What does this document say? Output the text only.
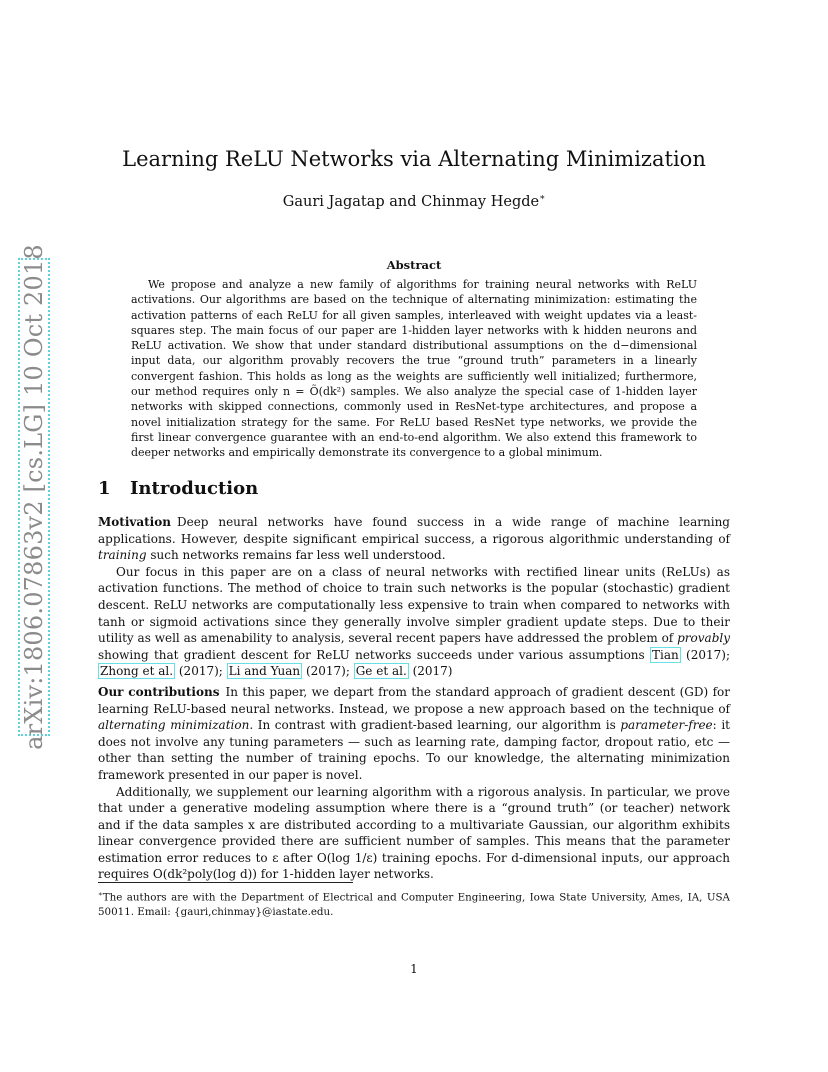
arXiv:1806.07863v2 [cs.LG] 10 Oct 2018
Learning ReLU Networks via Alternating Minimization
Gauri Jagatap and Chinmay Hegde∗
Abstract

We propose and analyze a new family of algorithms for training neural networks with ReLU activations. Our algorithms are based on the technique of alternating minimization: estimating the activation patterns of each ReLU for all given samples, interleaved with weight updates via a least-squares step. The main focus of our paper are 1-hidden layer networks with k hidden neurons and ReLU activation. We show that under standard distributional assumptions on the d−dimensional input data, our algorithm provably recovers the true “ground truth” parameters in a linearly convergent fashion. This holds as long as the weights are sufficiently well initialized; furthermore, our method requires only n = Õ(dk²) samples. We also analyze the special case of 1-hidden layer networks with skipped connections, commonly used in ResNet-type architectures, and propose a novel initialization strategy for the same. For ReLU based ResNet type networks, we provide the first linear convergence guarantee with an end-to-end algorithm. We also extend this framework to deeper networks and empirically demonstrate its convergence to a global minimum.

1 Introduction

Motivation Deep neural networks have found success in a wide range of machine learning applications. However, despite significant empirical success, a rigorous algorithmic understanding of training such networks remains far less well understood.

Our focus in this paper are on a class of neural networks with rectified linear units (ReLUs) as activation functions. The method of choice to train such networks is the popular (stochastic) gradient descent. ReLU networks are computationally less expensive to train when compared to networks with tanh or sigmoid activations since they generally involve simpler gradient update steps. Due to their utility as well as amenability to analysis, several recent papers have addressed the problem of provably showing that gradient descent for ReLU networks succeeds under various assumptions Tian (2017); Zhong et al. (2017); Li and Yuan (2017); Ge et al. (2017)

Our contributions In this paper, we depart from the standard approach of gradient descent (GD) for learning ReLU-based neural networks. Instead, we propose a new approach based on the technique of alternating minimization. In contrast with gradient-based learning, our algorithm is parameter-free: it does not involve any tuning parameters — such as learning rate, damping factor, dropout ratio, etc — other than setting the number of training epochs. To our knowledge, the alternating minimization framework presented in our paper is novel.

Additionally, we supplement our learning algorithm with a rigorous analysis. In particular, we prove that under a generative modeling assumption where there is a “ground truth” (or teacher) network and if the data samples x are distributed according to a multivariate Gaussian, our algorithm exhibits linear convergence provided there are sufficient number of samples. This means that the parameter estimation error reduces to ε after O(log 1/ε) training epochs. For d-dimensional inputs, our approach requires O(dk²poly(log d)) for 1-hidden layer networks.

∗The authors are with the Department of Electrical and Computer Engineering, Iowa State University, Ames, IA, USA 50011. Email: {gauri,chinmay}@iastate.edu.

1
